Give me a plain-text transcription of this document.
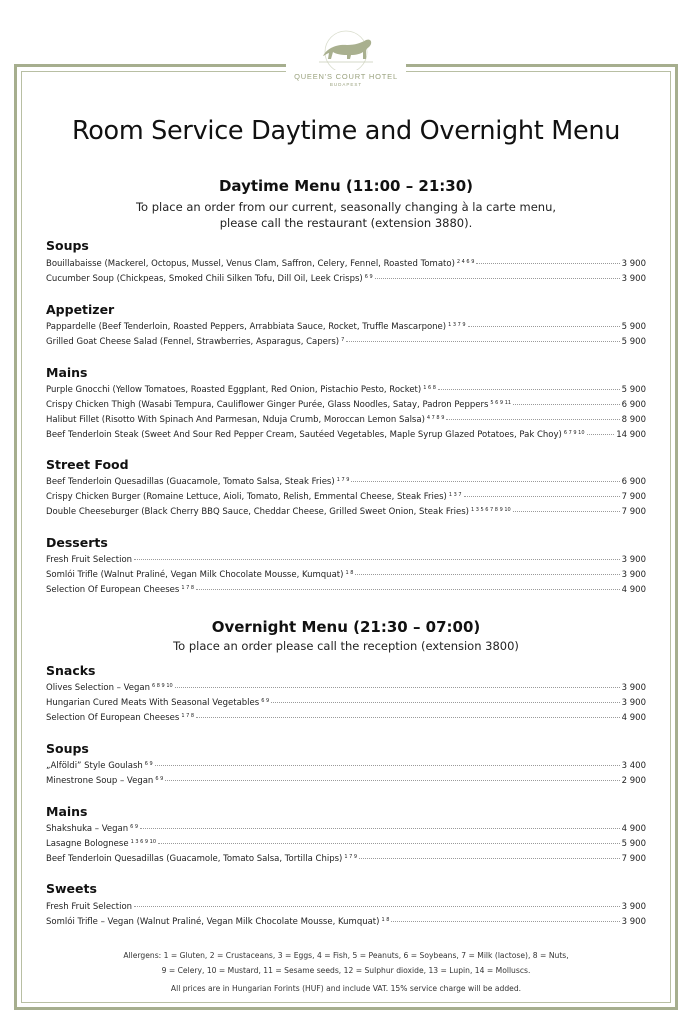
QUEEN'S COURT HOTEL
BUDAPEST
Room Service Daytime and Overnight Menu
Daytime Menu (11:00 – 21:30)
To place an order from our current, seasonally changing à la carte menu,
please call the restaurant (extension 3880).
Soups
Bouillabaisse (Mackerel, Octopus, Mussel, Venus Clam, Saffron, Celery, Fennel, Roasted Tomato) $^{2 4 6 9}$	3 900
Cucumber Soup (Chickpeas, Smoked Chili Silken Tofu, Dill Oil, Leek Crisps) $^{6 9}$	3 900
Appetizer
Pappardelle (Beef Tenderloin, Roasted Peppers, Arrabbiata Sauce, Rocket, Truffle Mascarpone) $^{1 3 7 9}$	5 900
Grilled Goat Cheese Salad (Fennel, Strawberries, Asparagus, Capers) $^7$	5 900
Mains
Purple Gnocchi (Yellow Tomatoes, Roasted Eggplant, Red Onion, Pistachio Pesto, Rocket) $^{1 6 8}$	5 900
Crispy Chicken Thigh (Wasabi Tempura, Cauliflower Ginger Purée, Glass Noodles, Satay, Padron Peppers $^{5 6 9 11}$	6 900
Halibut Fillet (Risotto With Spinach And Parmesan, Nduja Crumb, Moroccan Lemon Salsa) $^{4 7 8 9}$	8 900
Beef Tenderloin Steak (Sweet And Sour Red Pepper Cream, Sautéed Vegetables, Maple Syrup Glazed Potatoes, Pak Choy) $^{6 7 9 10}$	14 900
Street Food
Beef Tenderloin Quesadillas (Guacamole, Tomato Salsa, Steak Fries) $^{1 7 9}$	6 900
Crispy Chicken Burger (Romaine Lettuce, Aioli, Tomato, Relish, Emmental Cheese, Steak Fries) $^{1 3 7}$	7 900
Double Cheeseburger (Black Cherry BBQ Sauce, Cheddar Cheese, Grilled Sweet Onion, Steak Fries) $^{1 3 5 6 7 8 9 10}$	7 900
Desserts
Fresh Fruit Selection	3 900
Somlói Trifle (Walnut Praliné, Vegan Milk Chocolate Mousse, Kumquat) $^{1 8}$	3 900
Selection Of European Cheeses $^{1 7 8}$	4 900
Overnight Menu (21:30 – 07:00)
To place an order please call the reception (extension 3800)
Snacks
Olives Selection – Vegan $^{6 8 9 10}$	3 900
Hungarian Cured Meats With Seasonal Vegetables $^{6 9}$	3 900
Selection Of European Cheeses $^{1 7 8}$	4 900
Soups
„Alföldi” Style Goulash $^{6 9}$	3 400
Minestrone Soup – Vegan $^{6 9}$	2 900
Mains
Shakshuka – Vegan $^{6 9}$	4 900
Lasagne Bolognese $^{1 3 6 9 10}$	5 900
Beef Tenderloin Quesadillas (Guacamole, Tomato Salsa, Tortilla Chips) $^{1 7 9}$	7 900
Sweets
Fresh Fruit Selection	3 900
Somlói Trifle – Vegan (Walnut Praliné, Vegan Milk Chocolate Mousse, Kumquat) $^{1 8}$	3 900
Allergens: 1 = Gluten, 2 = Crustaceans, 3 = Eggs, 4 = Fish, 5 = Peanuts, 6 = Soybeans, 7 = Milk (lactose), 8 = Nuts,
9 = Celery, 10 = Mustard, 11 = Sesame seeds, 12 = Sulphur dioxide, 13 = Lupin, 14 = Molluscs.
All prices are in Hungarian Forints (HUF) and include VAT. 15% service charge will be added.
